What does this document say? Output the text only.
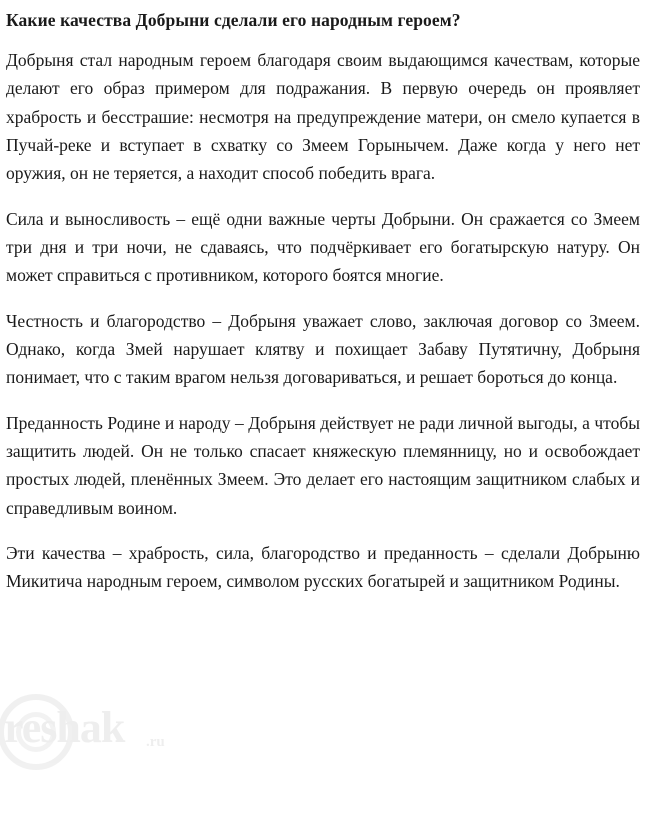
Какие качества Добрыни сделали его народным героем?

Добрыня стал народным героем благодаря своим выдающимся качествам, которые делают его образ примером для подражания. В первую очередь он проявляет храбрость и бесстрашие: несмотря на предупреждение матери, он смело купается в Пучай-реке и вступает в схватку со Змеем Горынычем. Даже когда у него нет оружия, он не теряется, а находит способ победить врага.

Сила и выносливость – ещё одни важные черты Добрыни. Он сражается со Змеем три дня и три ночи, не сдаваясь, что подчёркивает его богатырскую натуру. Он может справиться с противником, которого боятся многие.

Честность и благородство – Добрыня уважает слово, заключая договор со Змеем. Однако, когда Змей нарушает клятву и похищает Забаву Путятичну, Добрыня понимает, что с таким врагом нельзя договариваться, и решает бороться до конца.

Преданность Родине и народу – Добрыня действует не ради личной выгоды, а чтобы защитить людей. Он не только спасает княжескую племянницу, но и освобождает простых людей, пленённых Змеем. Это делает его настоящим защитником слабых и справедливым воином.

Эти качества – храбрость, сила, благородство и преданность – сделали Добрыню Микитича народным героем, символом русских богатырей и защитником Родины.

reshak .ru
